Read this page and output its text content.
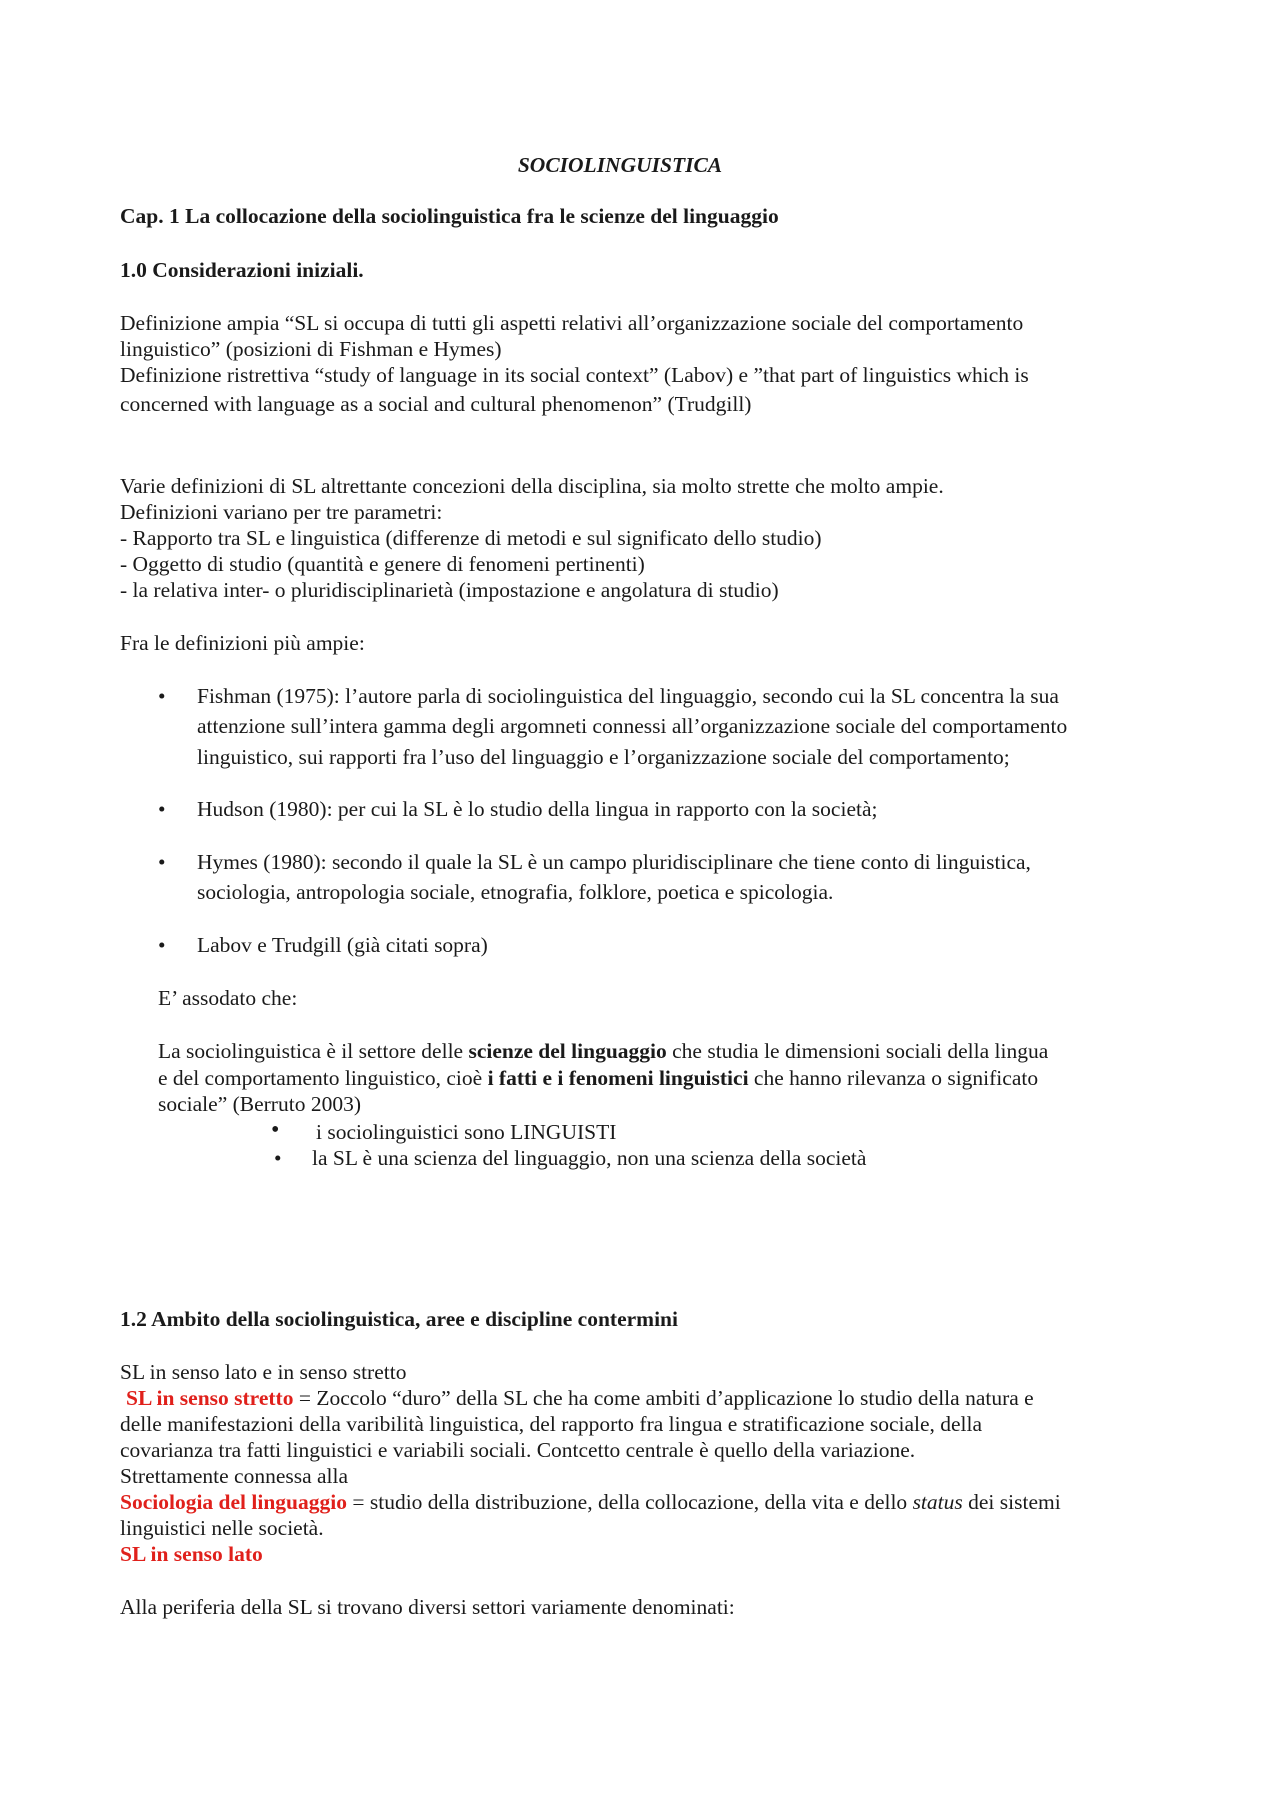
SOCIOLINGUISTICA
Cap. 1 La collocazione della sociolinguistica fra le scienze del linguaggio
1.0 Considerazioni iniziali.
Definizione ampia “SL si occupa di tutti gli aspetti relativi all’organizzazione sociale del comportamento
linguistico” (posizioni di Fishman e Hymes)
Definizione ristrettiva “study of language in its social context” (Labov) e ”that part of linguistics which is
concerned with language as a social and cultural phenomenon” (Trudgill)
Varie definizioni di SL altrettante concezioni della disciplina, sia molto strette che molto ampie.
Definizioni variano per tre parametri:
- Rapporto tra SL e linguistica (differenze di metodi e sul significato dello studio)
- Oggetto di studio (quantità e genere di fenomeni pertinenti)
- la relativa inter- o pluridisciplinarietà (impostazione e angolatura di studio)
Fra le definizioni più ampie:
• Fishman (1975): l’autore parla di sociolinguistica del linguaggio, secondo cui la SL concentra la sua
attenzione sull’intera gamma degli argomneti connessi all’organizzazione sociale del comportamento
linguistico, sui rapporti fra l’uso del linguaggio e l’organizzazione sociale del comportamento;
• Hudson (1980): per cui la SL è lo studio della lingua in rapporto con la società;
• Hymes (1980): secondo il quale la SL è un campo pluridisciplinare che tiene conto di linguistica,
sociologia, antropologia sociale, etnografia, folklore, poetica e spicologia.
• Labov e Trudgill (già citati sopra)
E’ assodato che:
La sociolinguistica è il settore delle scienze del linguaggio che studia le dimensioni sociali della lingua
e del comportamento linguistico, cioè i fatti e i fenomeni linguistici che hanno rilevanza o significato
sociale” (Berruto 2003)
• i sociolinguistici sono LINGUISTI
• la SL è una scienza del linguaggio, non una scienza della società
1.2 Ambito della sociolinguistica, aree e discipline contermini
SL in senso lato e in senso stretto
SL in senso stretto = Zoccolo “duro” della SL che ha come ambiti d’applicazione lo studio della natura e
delle manifestazioni della varibilità linguistica, del rapporto fra lingua e stratificazione sociale, della
covarianza tra fatti linguistici e variabili sociali. Contcetto centrale è quello della variazione.
Strettamente connessa alla
Sociologia del linguaggio = studio della distribuzione, della collocazione, della vita e dello status dei sistemi
linguistici nelle società.
SL in senso lato
Alla periferia della SL si trovano diversi settori variamente denominati:
